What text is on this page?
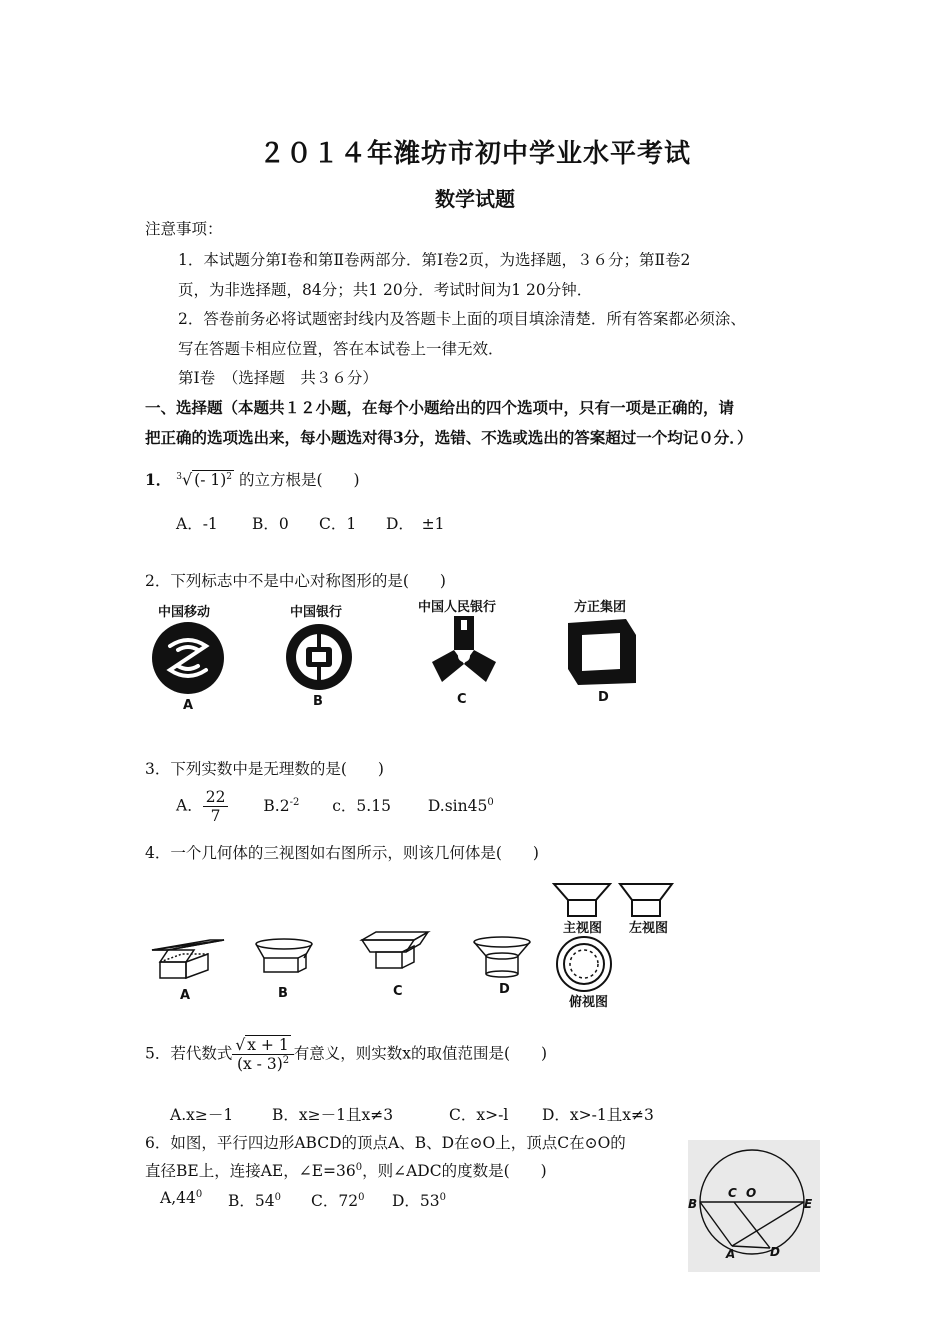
２０１４年潍坊市初中学业水平考试
数学试题
注意事项：
1．本试题分第Ⅰ卷和第Ⅱ卷两部分．第Ⅰ卷2页，为选择题，３６分；第Ⅱ卷2
页，为非选择题，84分；共1 20分．考试时间为1 20分钟．
2．答卷前务必将试题密封线内及答题卡上面的项目填涂清楚．所有答案都必须涂、
写在答题卡相应位置，答在本试卷上一律无效．
第Ⅰ卷　（选择题　共３６分）
一、选择题（本题共１２小题，在每个小题给出的四个选项中，只有一项是正确的，请
把正确的选项选出来，每小题选对得3分，选错、不选或选出的答案超过一个均记０分．）
1． $^3$√ (- 1)$^2$ 的立方根是(　　)
A．-1 B．0 C．1 D．　±1
2．下列标志中不是中心对称图形的是(　　)
中国移动	中国银行	中国人民银行	方正集团
A	B	C	D
3．下列实数中是无理数的是(　　)
A． $\frac{22}{7} B.2^{-2}$ c．5.15 $D.\sin 45^0$
4．一个几何体的三视图如右图所示，则该几何体是(　　)
A	B	C	D
主视图 左视图
俯视图
5．若代数式 $\frac{√ x + 1}{(x - 3)^2}$ 有意义，则实数x的取值范围是(　　)
A.x≥－1	B．x≥－1且x≠3	C．x>-l D．x>-1且x≠3
6．如图，平行四边形ABCD的顶点A、B、D在⊙O上，顶点C在⊙O的
直径BE上，连接AE，$\angle E=36^0$，则∠ADC的度数是(　　)
$A,44^0$ B．$54^0$ C．$72^0$ D．$53^0$	B
C O
E
A	D
